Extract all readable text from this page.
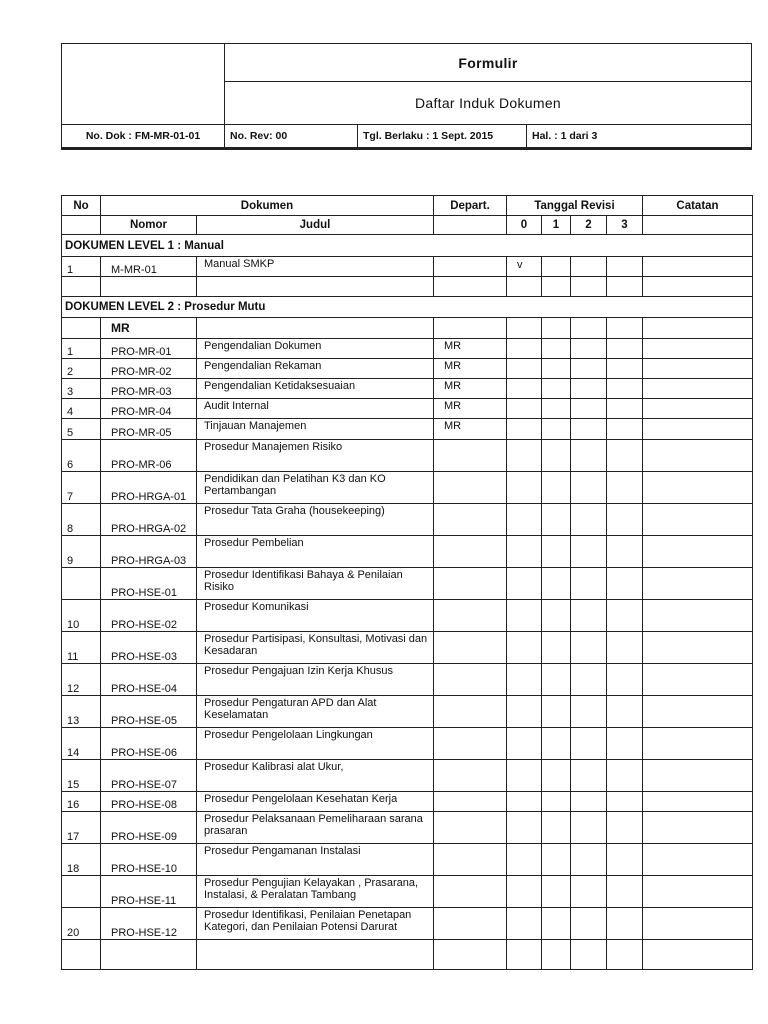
	Formulir		
	Daftar Induk Dokumen		

No. Dok : FM-MR-01-01	No. Rev: 00	Tgl. Berlaku : 1 Sept. 2015	Hal. : 1 dari 3
No	Dokumen		Depart.	Tanggal Revisi				Catatan
	Nomor	Judul		0	1	2	3	
DOKUMEN LEVEL 1 : Manual								
1	M-MR-01	Manual SMKP		v				

DOKUMEN LEVEL 2 : Prosedur Mutu								
	MR							
1	PRO-MR-01	Pengendalian Dokumen	MR					
2	PRO-MR-02	Pengendalian Rekaman	MR					
3	PRO-MR-03	Pengendalian Ketidaksesuaian	MR					
4	PRO-MR-04	Audit Internal	MR					
5	PRO-MR-05	Tinjauan Manajemen	MR					
6	PRO-MR-06	Prosedur Manajemen Risiko						
7	PRO-HRGA-01	Pendidikan dan Pelatihan K3 dan KO Pertambangan						
8	PRO-HRGA-02	Prosedur Tata Graha (housekeeping)						
9	PRO-HRGA-03	Prosedur Pembelian						
	PRO-HSE-01	Prosedur Identifikasi Bahaya & Penilaian Risiko						
10	PRO-HSE-02	Prosedur Komunikasi						
11	PRO-HSE-03	Prosedur Partisipasi, Konsultasi, Motivasi dan Kesadaran						
12	PRO-HSE-04	Prosedur Pengajuan Izin Kerja Khusus						
13	PRO-HSE-05	Prosedur Pengaturan APD dan Alat Keselamatan						
14	PRO-HSE-06	Prosedur Pengelolaan Lingkungan						
15	PRO-HSE-07	Prosedur Kalibrasi alat Ukur,						
16	PRO-HSE-08	Prosedur Pengelolaan Kesehatan Kerja						
17	PRO-HSE-09	Prosedur Pelaksanaan Pemeliharaan sarana prasaran						
18	PRO-HSE-10	Prosedur Pengamanan Instalasi						
	PRO-HSE-11	Prosedur Pengujian Kelayakan , Prasarana, Instalasi, & Peralatan Tambang						
20	PRO-HSE-12	Prosedur Identifikasi, Penilaian Penetapan Kategori, dan Penilaian Potensi Darurat						
